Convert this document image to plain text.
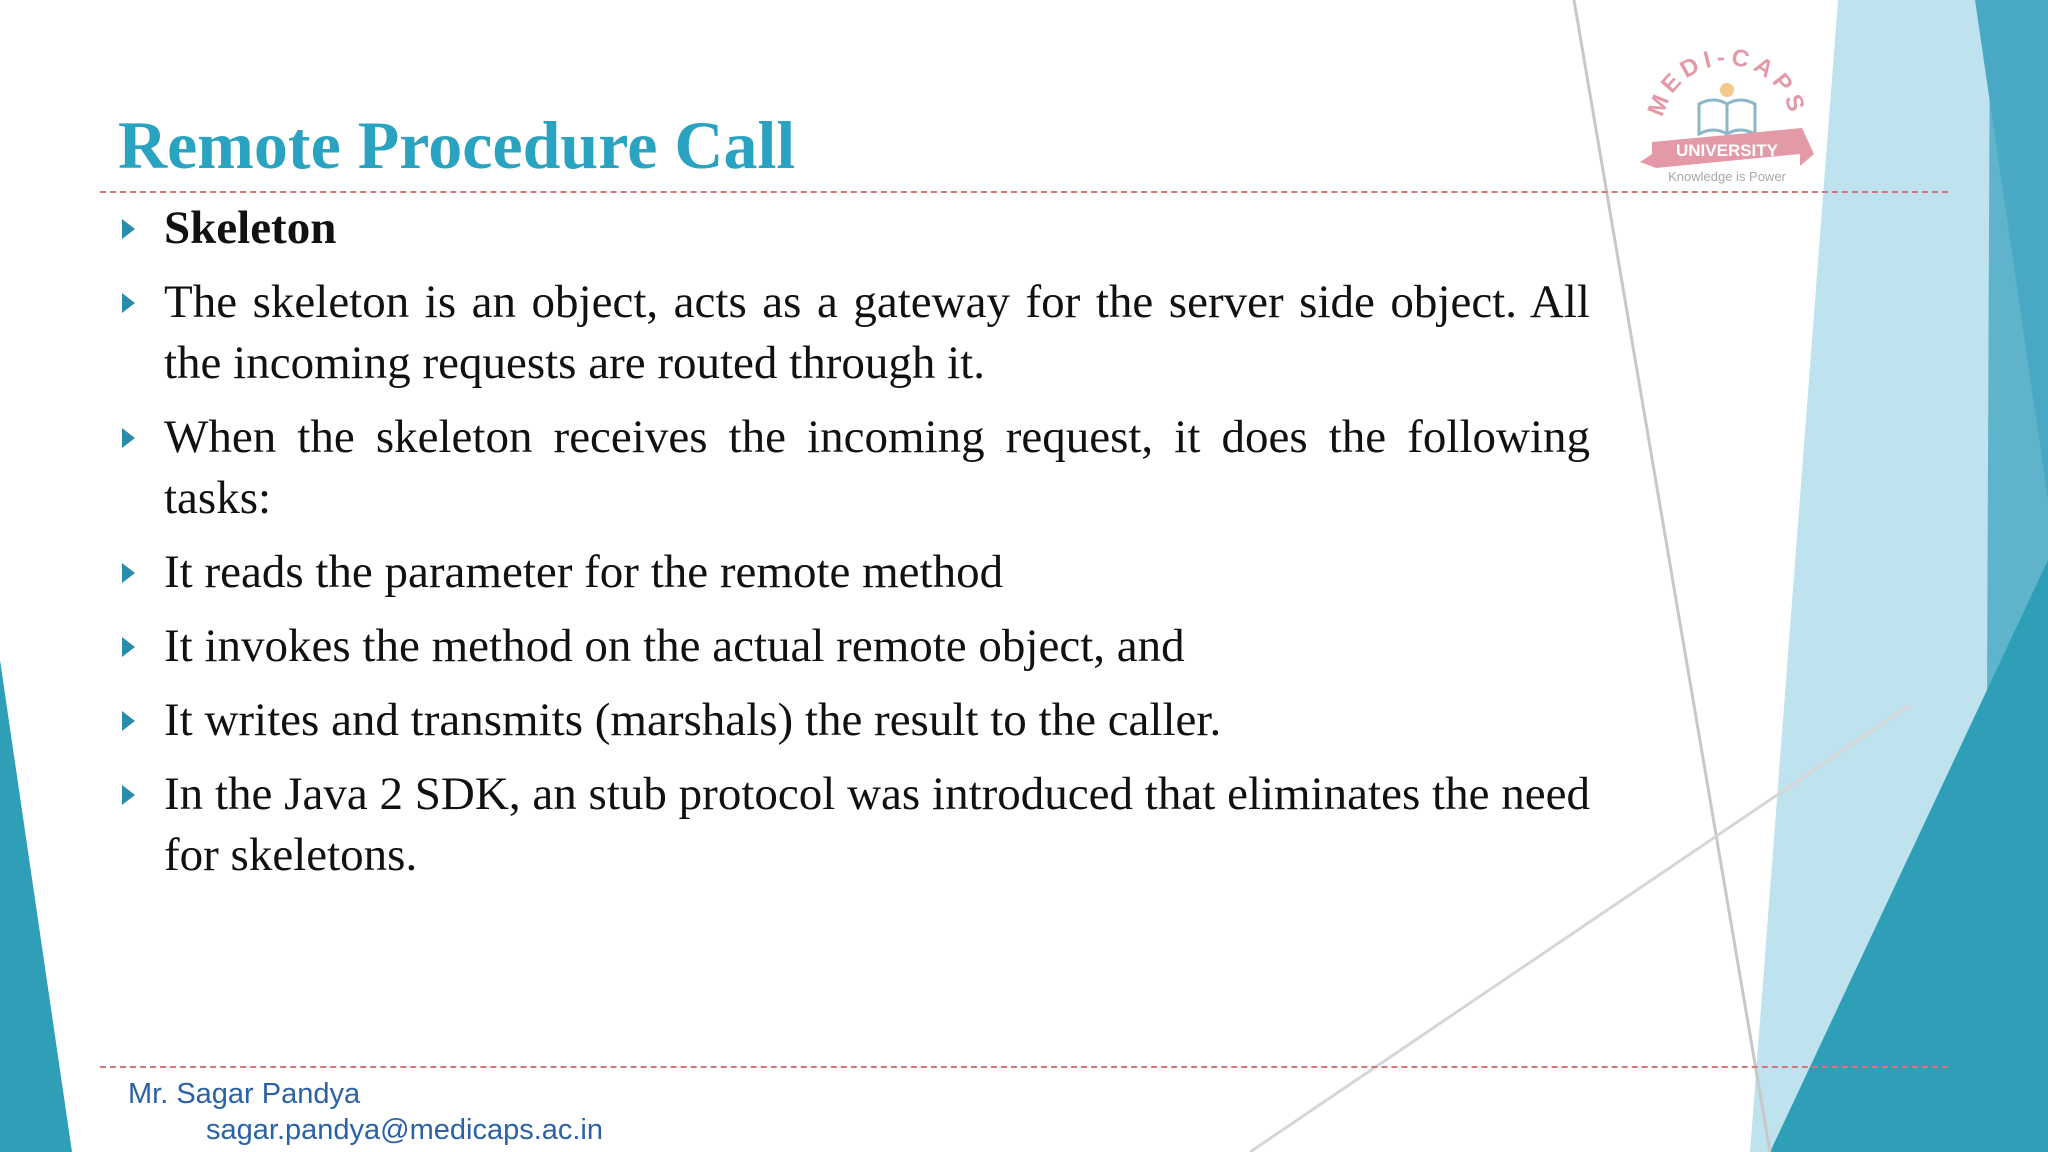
MEDI-CAPS
UNIVERSITY
Knowledge is Power
Remote Procedure Call
Skeleton
The skeleton is an object, acts as a gateway for the server side object. All the incoming requests are routed through it.
When the skeleton receives the incoming request, it does the following tasks:
It reads the parameter for the remote method
It invokes the method on the actual remote object, and
It writes and transmits (marshals) the result to the caller.
In the Java 2 SDK, an stub protocol was introduced that eliminates the need for skeletons.
Mr. Sagar Pandya
sagar.pandya@medicaps.ac.in
